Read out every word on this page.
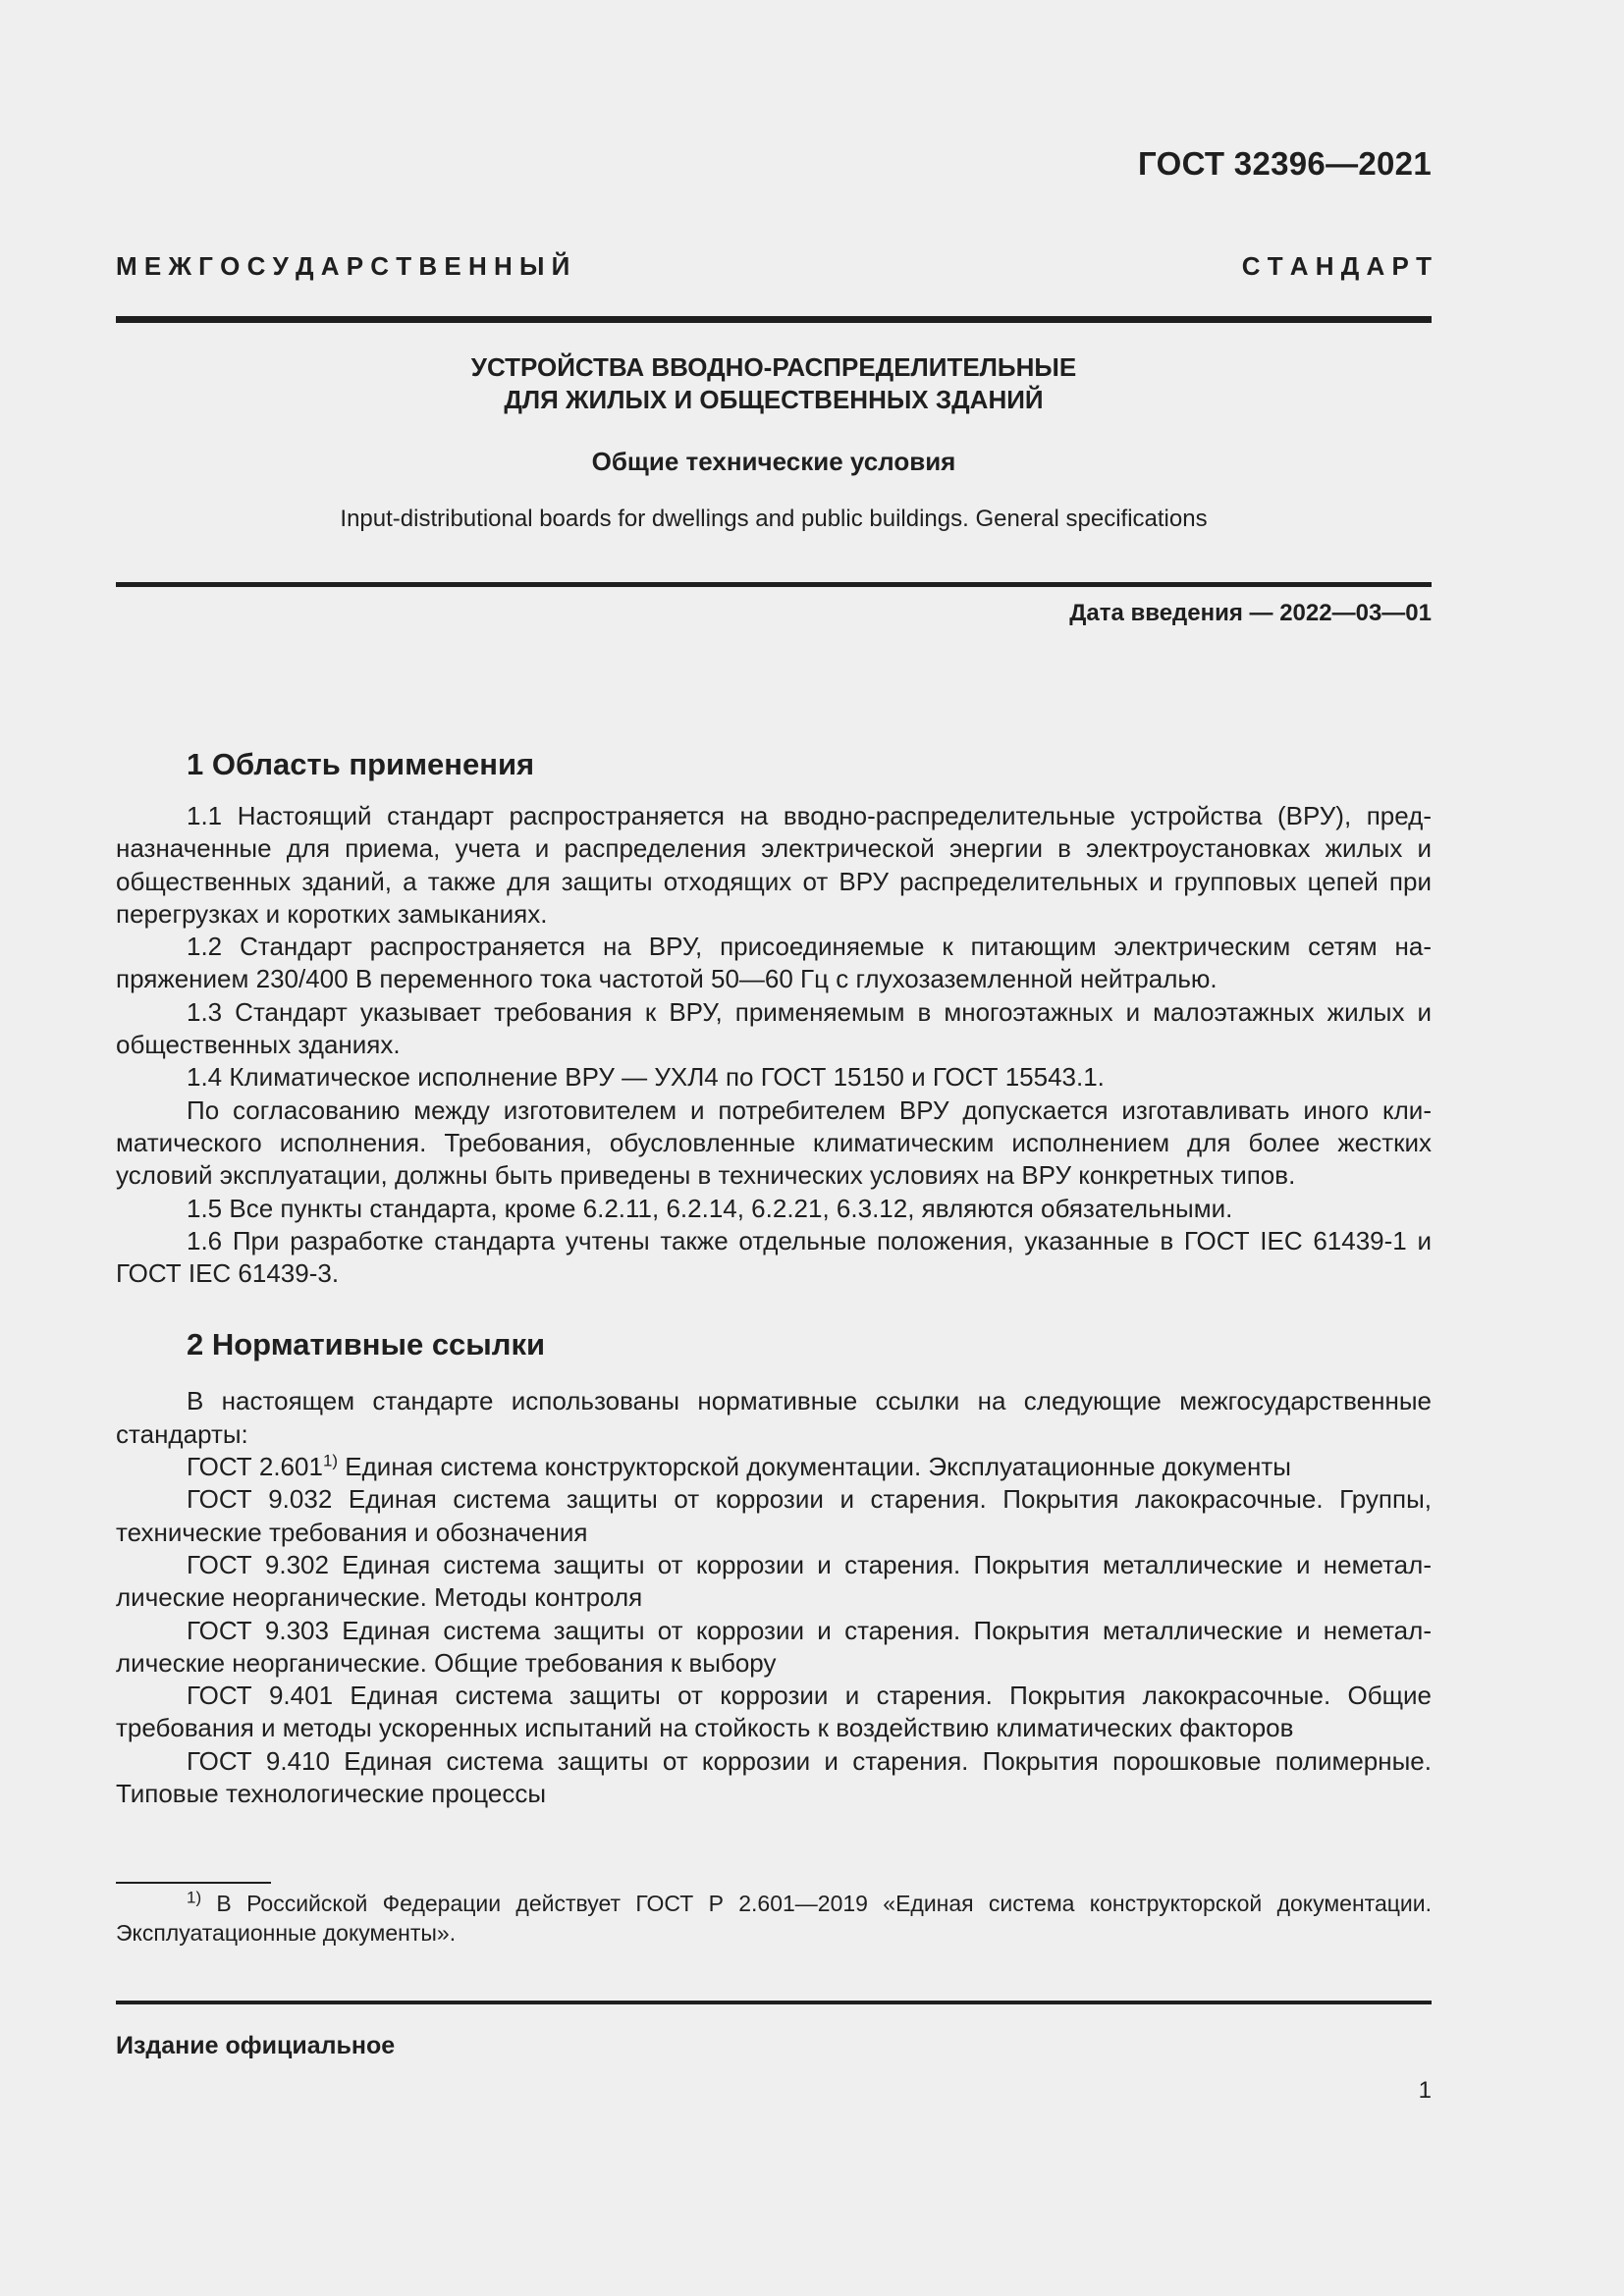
ГОСТ 32396—2021
М Е Ж Г О С У Д А Р С Т В Е Н Н Ы Й	С Т А Н Д А Р Т
УСТРОЙСТВА ВВОДНО-РАСПРЕДЕЛИТЕЛЬНЫЕ
ДЛЯ ЖИЛЫХ И ОБЩЕСТВЕННЫХ ЗДАНИЙ
Общие технические условия
Input-distributional boards for dwellings and public buildings. General specifications
Дата введения — 2022—03—01
1 Область применения

1.1 Настоящий стандарт распространяется на вводно-распределительные устройства (ВРУ), предназначенные для приема, учета и распределения электрической энергии в электроустановках жилых и общественных зданий, а также для защиты отходящих от ВРУ распределительных и групповых цепей при перегрузках и коротких замыканиях.

1.2 Стандарт распространяется на ВРУ, присоединяемые к питающим электрическим сетям напряжением 230/400 В переменного тока частотой 50—60 Гц с глухозаземленной нейтралью.

1.3 Стандарт указывает требования к ВРУ, применяемым в многоэтажных и малоэтажных жилых и общественных зданиях.

1.4 Климатическое исполнение ВРУ — УХЛ4 по ГОСТ 15150 и ГОСТ 15543.1.

По согласованию между изготовителем и потребителем ВРУ допускается изготавливать иного климатического исполнения. Требования, обусловленные климатическим исполнением для более жестких условий эксплуатации, должны быть приведены в технических условиях на ВРУ конкретных типов.

1.5 Все пункты стандарта, кроме 6.2.11, 6.2.14, 6.2.21, 6.3.12, являются обязательными.

1.6 При разработке стандарта учтены также отдельные положения, указанные в ГОСТ IEC 61439-1 и ГОСТ IEC 61439-3.

2 Нормативные ссылки

В настоящем стандарте использованы нормативные ссылки на следующие межгосударственные стандарты:

ГОСТ 2.601$^{1)}$ Единая система конструкторской документации. Эксплуатационные документы

ГОСТ 9.032 Единая система защиты от коррозии и старения. Покрытия лакокрасочные. Группы, технические требования и обозначения

ГОСТ 9.302 Единая система защиты от коррозии и старения. Покрытия металлические и неметаллические неорганические. Методы контроля

ГОСТ 9.303 Единая система защиты от коррозии и старения. Покрытия металлические и неметаллические неорганические. Общие требования к выбору

ГОСТ 9.401 Единая система защиты от коррозии и старения. Покрытия лакокрасочные. Общие требования и методы ускоренных испытаний на стойкость к воздействию климатических факторов

ГОСТ 9.410 Единая система защиты от коррозии и старения. Покрытия порошковые полимерные. Типовые технологические процессы

$^{1)}$ В Российской Федерации действует ГОСТ Р 2.601—2019 «Единая система конструкторской документации. Эксплуатационные документы».

Издание официальное
1
